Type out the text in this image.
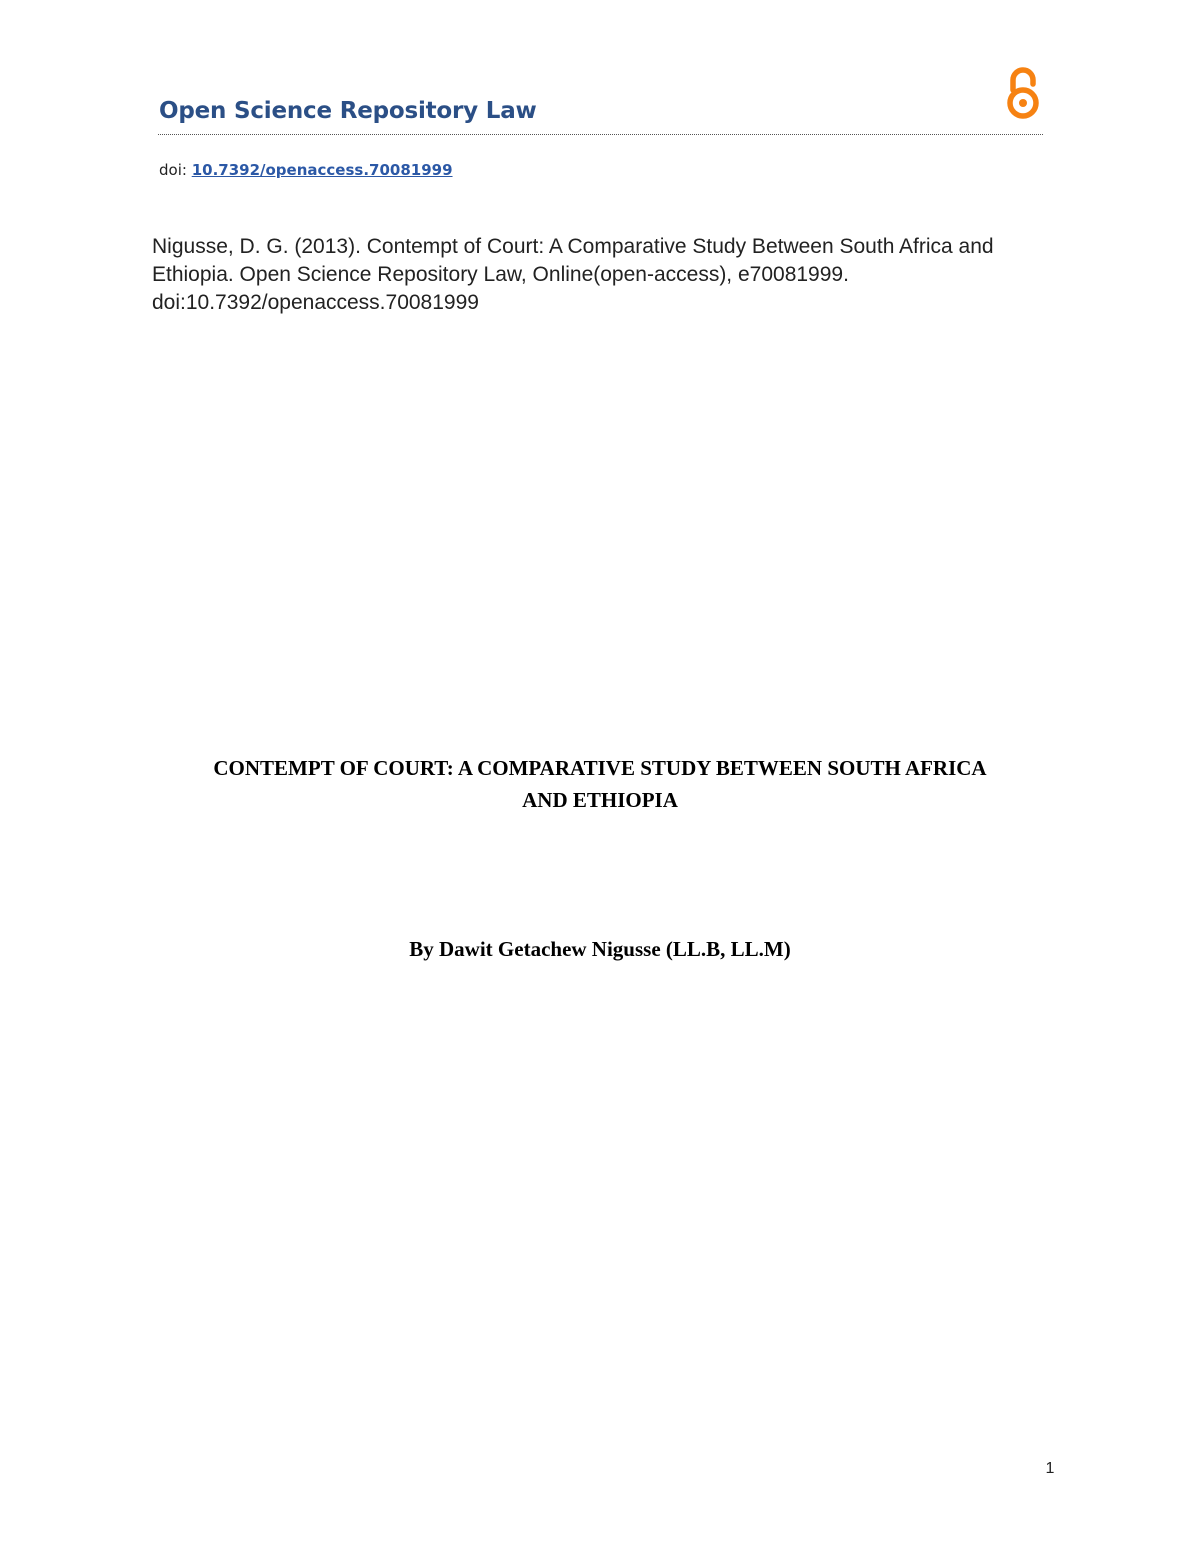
Open Science Repository Law
doi: 10.7392/openaccess.70081999
Nigusse, D. G. (2013). Contempt of Court: A Comparative Study Between South Africa and Ethiopia. Open Science Repository Law, Online(open-access), e70081999. doi:10.7392/openaccess.70081999
CONTEMPT OF COURT: A COMPARATIVE STUDY BETWEEN SOUTH AFRICA
AND ETHIOPIA
By Dawit Getachew Nigusse (LL.B, LL.M)
1
